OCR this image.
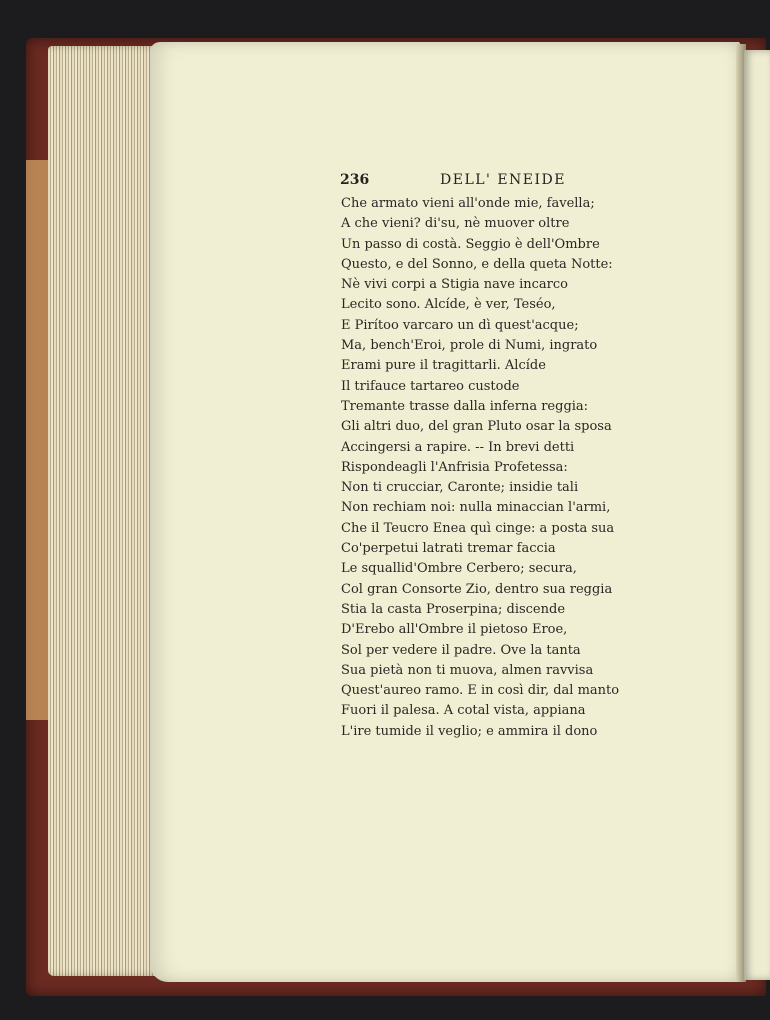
236	DELL' ENEIDE
Che armato vieni all'onde mie, favella;
A che vieni? di'su, nè muover oltre
Un passo di costà. Seggio è dell'Ombre
Questo, e del Sonno, e della queta Notte:
Nè vivi corpi a Stigia nave incarco
Lecito sono. Alcíde, è ver, Teséo,
E Pirítoo varcaro un dì quest'acque;
Ma, bench'Eroi, prole di Numi, ingrato
Erami pure il tragittarli. Alcíde
Il trifauce tartareo custode
Tremante trasse dalla inferna reggia:
Gli altri duo, del gran Pluto osar la sposa
Accingersi a rapire. -- In brevi detti
Rispondeagli l'Anfrisia Profetessa:
Non ti crucciar, Caronte; insidie tali
Non rechiam noi: nulla minaccian l'armi,
Che il Teucro Enea quì cinge: a posta sua
Co'perpetui latrati tremar faccia
Le squallid'Ombre Cerbero; secura,
Col gran Consorte Zio, dentro sua reggia
Stia la casta Proserpina; discende
D'Erebo all'Ombre il pietoso Eroe,
Sol per vedere il padre. Ove la tanta
Sua pietà non ti muova, almen ravvisa
Quest'aureo ramo. E in così dir, dal manto
Fuori il palesa. A cotal vista, appiana
L'ire tumide il veglio; e ammira il dono
